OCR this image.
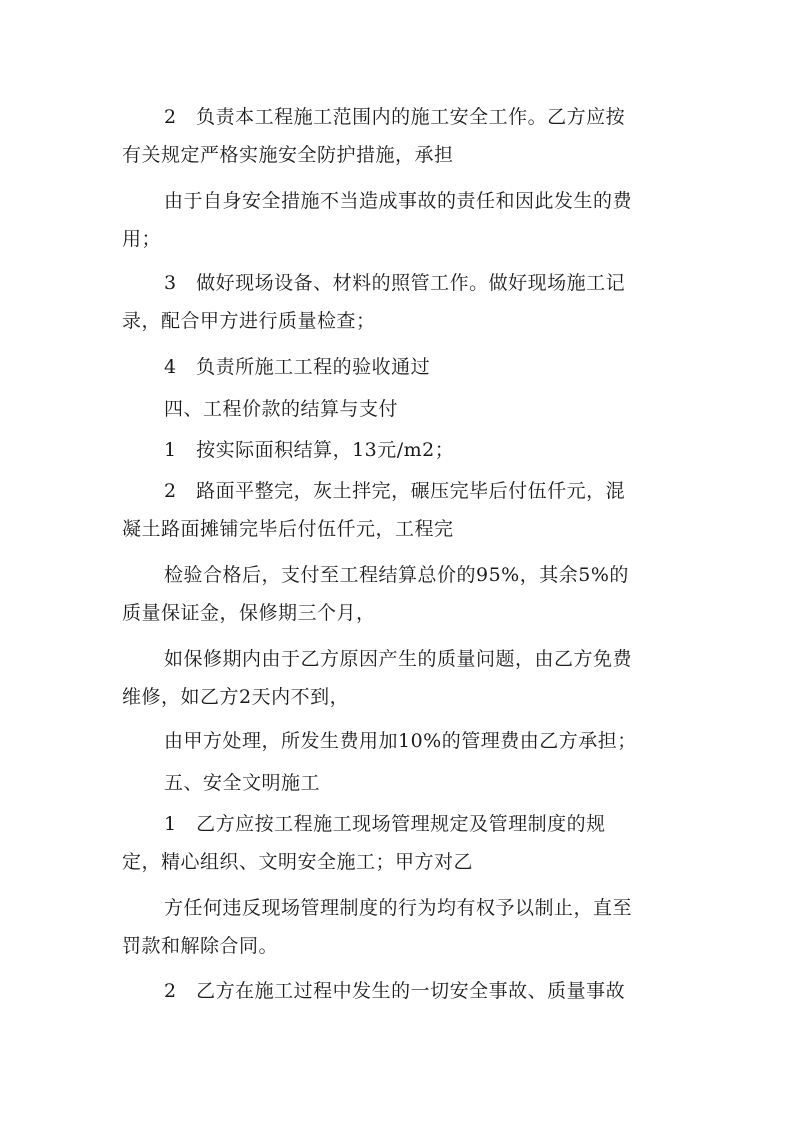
2　负责本工程施工范围内的施工安全工作。乙方应按有关规定严格实施安全防护措施，承担

由于自身安全措施不当造成事故的责任和因此发生的费用；

3　做好现场设备、材料的照管工作。做好现场施工记录，配合甲方进行质量检查；

4　负责所施工工程的验收通过

四、工程价款的结算与支付

1　按实际面积结算，13元/m2；

2　路面平整完，灰土拌完，碾压完毕后付伍仟元，混凝土路面摊铺完毕后付伍仟元，工程完

检验合格后，支付至工程结算总价的95%，其余5%的质量保证金，保修期三个月，

如保修期内由于乙方原因产生的质量问题，由乙方免费维修，如乙方2天内不到，

由甲方处理，所发生费用加10%的管理费由乙方承担；

五、安全文明施工

1　乙方应按工程施工现场管理规定及管理制度的规定，精心组织、文明安全施工；甲方对乙

方任何违反现场管理制度的行为均有权予以制止，直至罚款和解除合同。

2　乙方在施工过程中发生的一切安全事故、质量事故
